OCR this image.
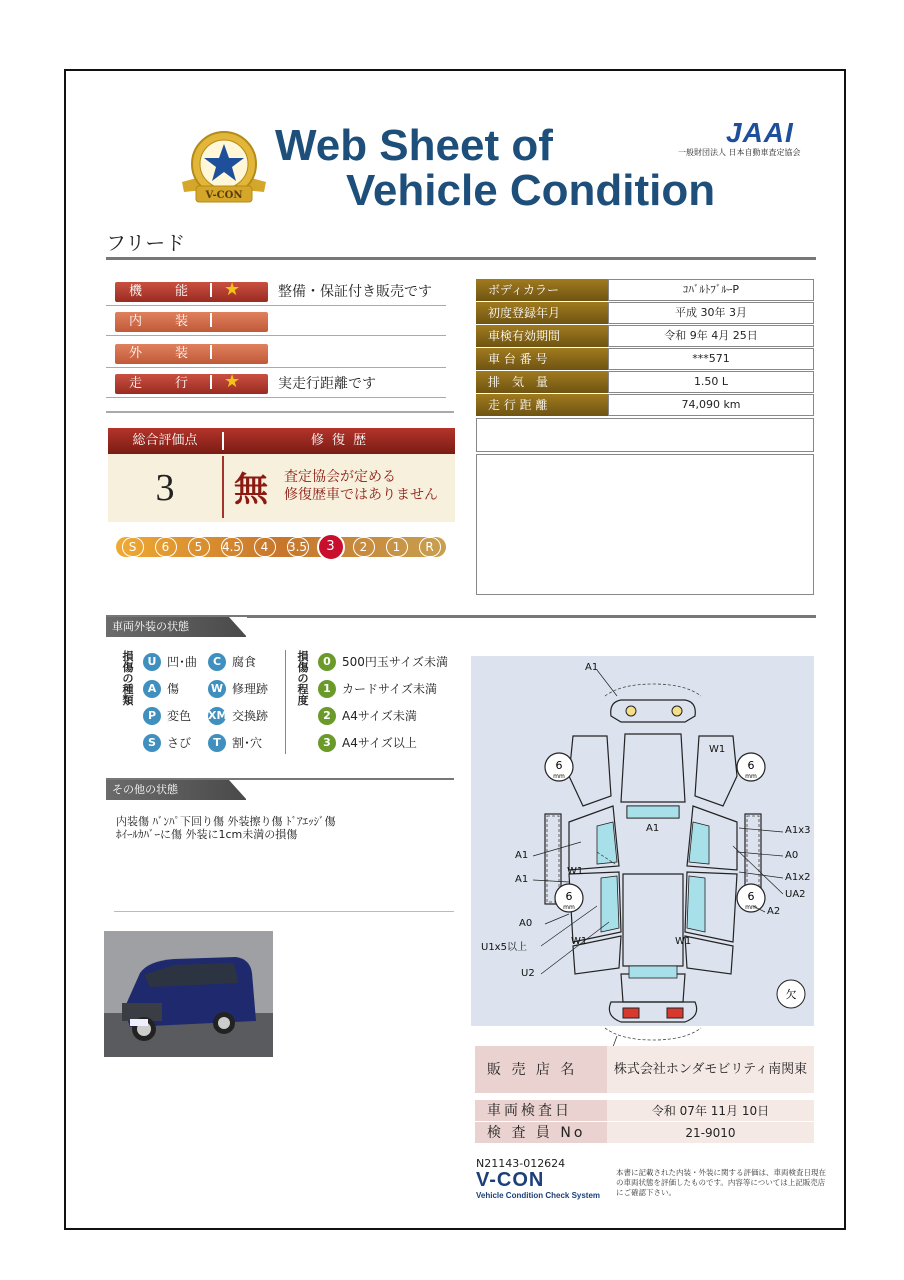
V-CON
Web Sheet of
Vehicle Condition
JAAI
一般財団法人 日本自動車査定協会
フリード
機　能	★	整備・保証付き販売です
内　装
外　装
走　行	★	実走行距離です
総合評価点	修 復 歴
3	無 査定協会が定める
修復歴車ではありません
S	6	5	4.5	4	3.5	3	2	1	R
ボディカラー	ｺﾊﾞﾙﾄﾌﾞﾙｰP
初度登録年月	平成 30年 3月
車検有効期間	令和 9年 4月 25日
車 台 番 号	***571
排　気　量	1.50 L
走 行 距 離	74,090 km
車両外装の状態
損傷の種類
U 凹･曲	C 腐食
A 傷	W 修理跡
P 変色 XM 交換跡
S さび	T 割･穴
損傷の程度
0 500円玉サイズ未満
1 カードサイズ未満
2 A4サイズ未満
3 A4サイズ以上
その他の状態
内装傷 ﾊﾞﾝﾊﾟ下回り傷 外装擦り傷 ﾄﾞｱｴｯｼﾞ傷
ﾎｲｰﾙｶﾊﾞｰに傷 外装に1cm未満の損傷
6
mm
6
mm
6
mm
6
mm
A1
W1
A1	A1x3
A0
A1x2
UA2
A2
A1
W1
A1
A0
U1x5以上
W1	W1
U2
欠
販 売 店 名	株式会社ホンダモビリティ南関東
車両検査日	令和 07年 11月 10日
検 査 員 No	21-9010
N21143-012624
V-CON
Vehicle Condition Check System
本書に記載された内装・外装に関する評価は、車両検査日現在の車両状態を評価したものです。内容等については上記販売店にご確認下さい。
